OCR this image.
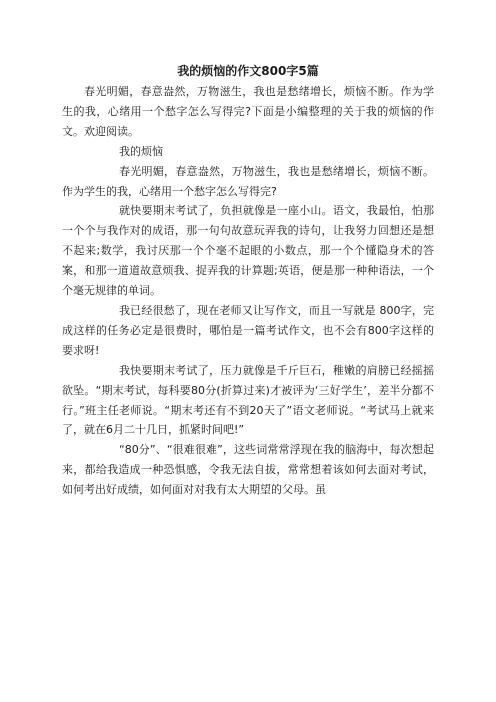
我的烦恼的作文800字5篇

春光明媚，春意盎然，万物滋生，我也是愁绪增长，烦恼不断。作为学生的我，心绪用一个愁字怎么写得完?下面是小编整理的关于我的烦恼的作文。欢迎阅读。

我的烦恼

春光明媚，春意盎然，万物滋生，我也是愁绪增长，烦恼不断。作为学生的我，心绪用一个愁字怎么写得完?

就快要期末考试了，负担就像是一座小山。语文，我最怕，怕那一个个与我作对的成语，那一句句故意玩弄我的诗句，让我努力回想还是想不起来;数学，我讨厌那一个个毫不起眼的小数点，那一个个懂隐身术的答案，和那一道道故意烦我、捉弄我的计算题;英语，便是那一种种语法，一个个毫无规律的单词。

我已经很愁了，现在老师又让写作文，而且一写就是 800字，完成这样的任务必定是很费时，哪怕是一篇考试作文，也不会有800字这样的要求呀!

我快要期末考试了，压力就像是千斤巨石，稚嫩的肩膀已经摇摇欲坠。“期末考试，每科要80分(折算过来)才被评为‘三好学生’，差半分都不行。”班主任老师说。“期末考还有不到20天了”语文老师说。“考试马上就来了，就在6月二十几日，抓紧时间吧!”

“80分”、“很难很难”，这些词常常浮现在我的脑海中，每次想起来，都给我造成一种恐惧感，令我无法自拔，常常想着该如何去面对考试，如何考出好成绩，如何面对对我有太大期望的父母。虽
